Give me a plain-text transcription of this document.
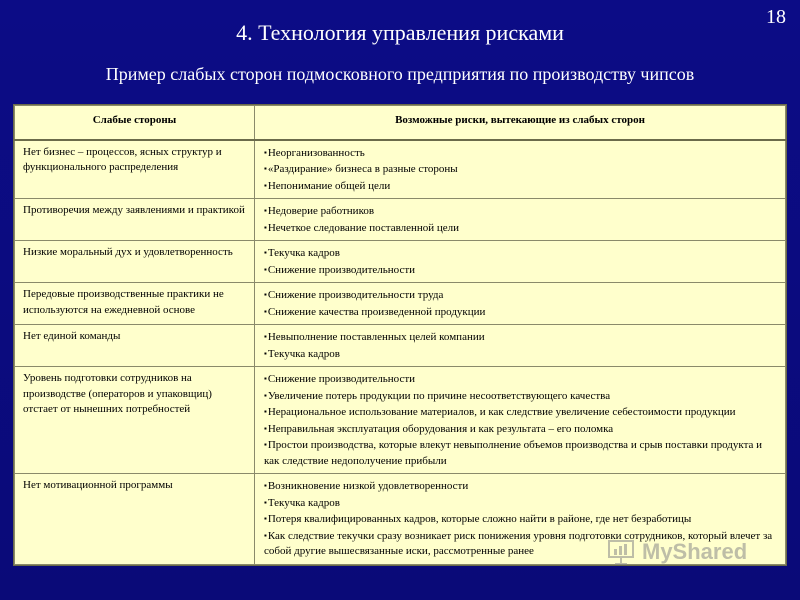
18
4. Технология управления рисками
Пример слабых сторон подмосковного предприятия по производству чипсов
Слабые стороны	Возможные риски, вытекающие из слабых сторон
Нет бизнес – процессов, ясных структур и функционального распределения	▪Неорганизованность
▪«Раздирание» бизнеса в разные стороны
▪Непонимание общей цели

Противоречия между заявлениями и практикой	▪Недоверие работников
▪Нечеткое следование поставленной цели

Низкие моральный дух и удовлетворенность	▪Текучка кадров
▪Снижение производительности

Передовые производственные практики не используются на ежедневной основе	▪Снижение производительности труда
▪Снижение качества произведенной продукции

Нет единой команды	▪Невыполнение поставленных целей компании
▪Текучка кадров

Уровень подготовки сотрудников на производстве (операторов и упаковщиц) отстает от нынешних потребностей	▪Снижение производительности
▪Увеличение потерь продукции по причине несоответствующего качества
▪Нерациональное использование материалов, и как следствие увеличение себестоимости продукции
▪Неправильная эксплуатация оборудования и как результата – его поломка
▪Простои производства, которые влекут невыполнение объемов производства и срыв поставки продукта и как следствие недополучение прибыли

Нет мотивационной программы	▪Возникновение низкой удовлетворенности
▪Текучка кадров
▪Потеря квалифицированных кадров, которые сложно найти в районе, где нет безработицы
▪Как следствие текучки сразу возникает риск понижения уровня подготовки сотрудников, который влечет за собой другие вышесвязанные иски, рассмотренные ранее	MyShared
